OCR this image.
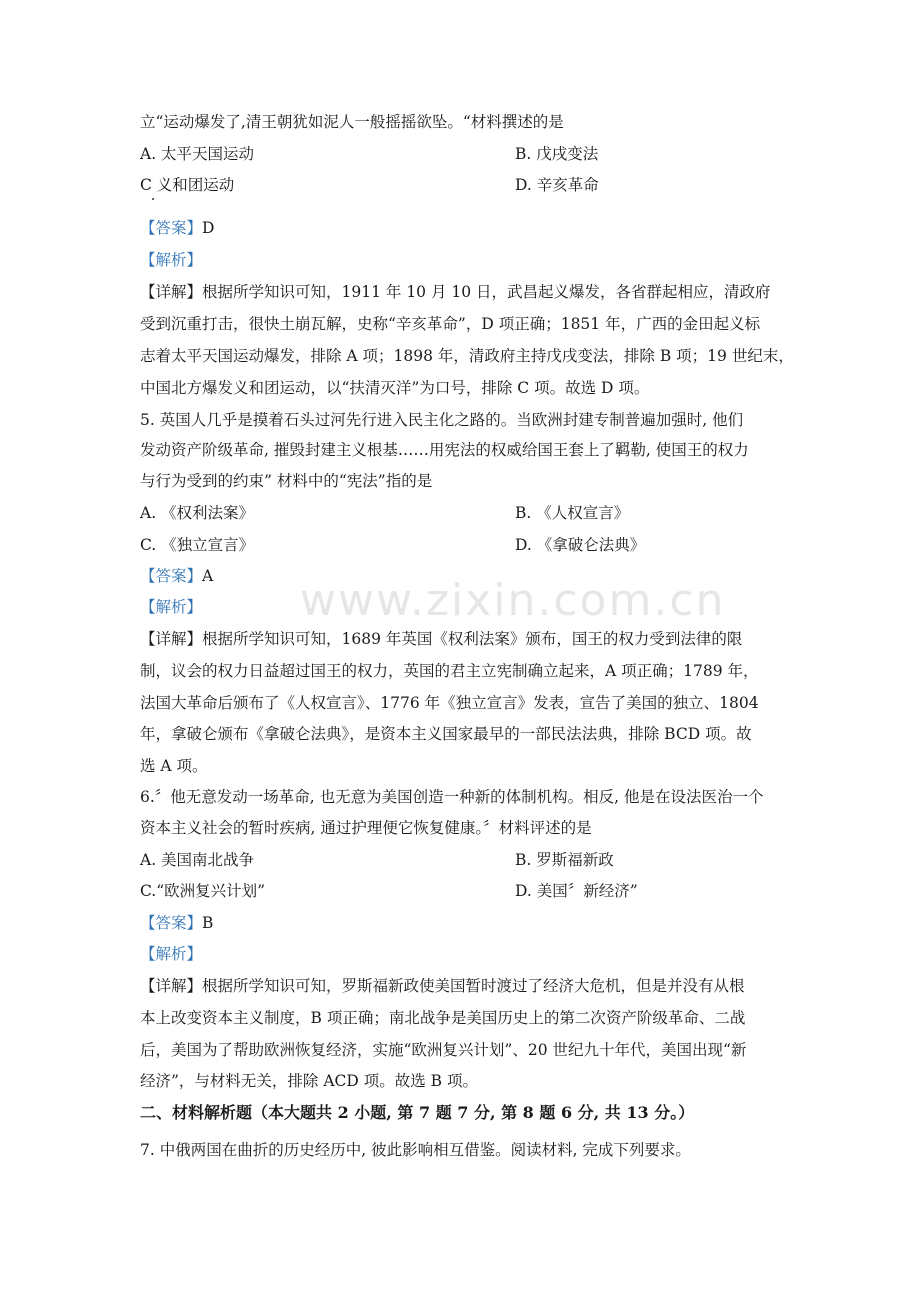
www.zixin.com.cn
立“运动爆发了,清王朝犹如泥人一般摇摇欲坠。“材料撰述的是
A. 太平天国运动	B. 戊戌变法
C 义和团运动	D. 辛亥革命
【答案】D
【解析】
【详解】根据所学知识可知，1911 年 10 月 10 日，武昌起义爆发，各省群起相应，清政府
受到沉重打击，很快土崩瓦解，史称“辛亥革命”，D 项正确；1851 年，广西的金田起义标
志着太平天国运动爆发，排除 A 项；1898 年，清政府主持戊戌变法，排除 B 项；19 世纪末，
中国北方爆发义和团运动，以“扶清灭洋”为口号，排除 C 项。故选 D 项。
5. 英国人几乎是摸着石头过河先行进入民主化之路的。当欧洲封建专制普遍加强时, 他们
发动资产阶级革命, 摧毁封建主义根基……用宪法的权威给国王套上了羁勒, 使国王的权力
与行为受到的约束” 材料中的“宪法”指的是
A. 《权利法案》	B. 《人权宣言》
C. 《独立宣言》	D. 《拿破仑法典》
【答案】A
【解析】
【详解】根据所学知识可知，1689 年英国《权利法案》颁布，国王的权力受到法律的限
制，议会的权力日益超过国王的权力，英国的君主立宪制确立起来，A 项正确；1789 年，
法国大革命后颁布了《人权宣言》、1776 年《独立宣言》发表，宣告了美国的独立、1804
年，拿破仑颁布《拿破仑法典》，是资本主义国家最早的一部民法法典，排除 BCD 项。故
选 A 项。
6.〞他无意发动一场革命, 也无意为美国创造一种新的体制机构。相反, 他是在设法医治一个
资本主义社会的暂时疾病, 通过护理便它恢复健康。〞材料评述的是
A. 美国南北战争	B. 罗斯福新政
C.“欧洲复兴计划”	D. 美国〞新经济”
【答案】B
【解析】
【详解】根据所学知识可知，罗斯福新政使美国暂时渡过了经济大危机，但是并没有从根
本上改变资本主义制度，B 项正确；南北战争是美国历史上的第二次资产阶级革命、二战
后，美国为了帮助欧洲恢复经济，实施“欧洲复兴计划”、20 世纪九十年代，美国出现“新
经济”，与材料无关，排除 ACD 项。故选 B 项。
二、材料解析题（本大题共 2 小题, 第 7 题 7 分, 第 8 题 6 分, 共 13 分。）
7. 中俄两国在曲折的历史经历中, 彼此影响相互借鉴。阅读材料, 完成下列要求。
